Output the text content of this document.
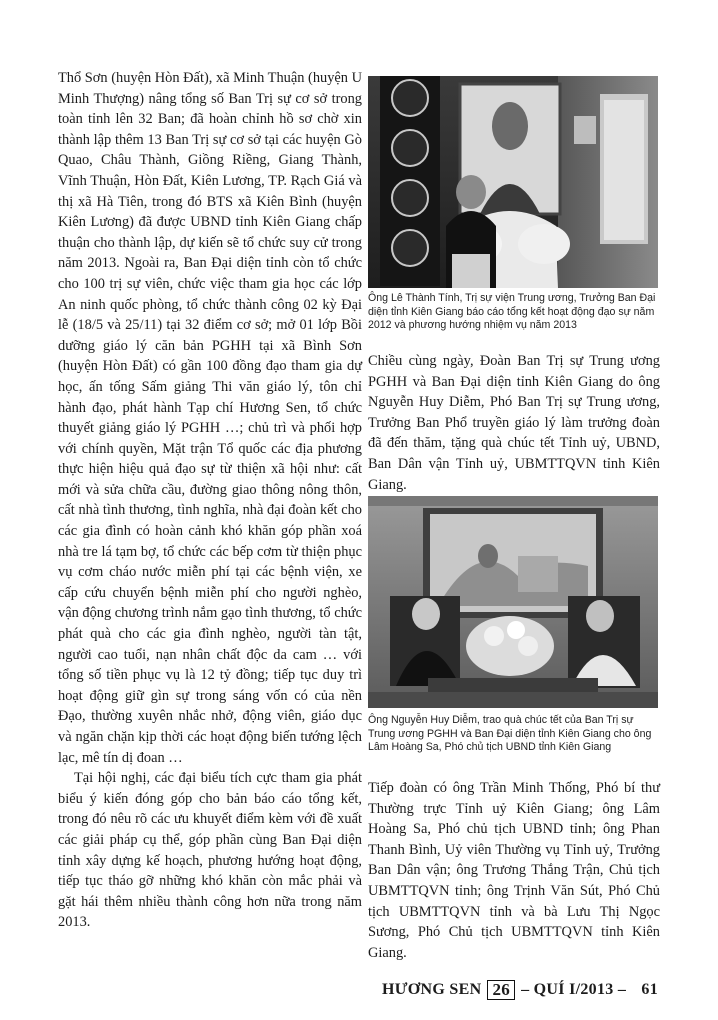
Thổ Sơn (huyện Hòn Đất), xã Minh Thuận (huyện U Minh Thượng) nâng tổng số Ban Trị sự cơ sở trong toàn tỉnh lên 32 Ban; đã hoàn chỉnh hồ sơ chờ xin thành lập thêm 13 Ban Trị sự cơ sở tại các huyện Gò Quao, Châu Thành, Giồng Riềng, Giang Thành, Vĩnh Thuận, Hòn Đất, Kiên Lương, TP. Rạch Giá và thị xã Hà Tiên, trong đó BTS xã Kiên Bình (huyện Kiên Lương) đã được UBND tỉnh Kiên Giang chấp thuận cho thành lập, dự kiến sẽ tổ chức suy cử trong năm 2013. Ngoài ra, Ban Đại diện tỉnh còn tổ chức cho 100 trị sự viên, chức việc tham gia học các lớp An ninh quốc phòng, tổ chức thành công 02 kỳ Đại lễ (18/5 và 25/11) tại 32 điểm cơ sở; mở 01 lớp Bồi dưỡng giáo lý căn bản PGHH tại xã Bình Sơn (huyện Hòn Đất) có gần 100 đồng đạo tham gia dự học, ấn tống Sấm giảng Thi văn giáo lý, tôn chỉ hành đạo, phát hành Tạp chí Hương Sen, tổ chức thuyết giảng giáo lý PGHH …; chủ trì và phối hợp với chính quyền, Mặt trận Tổ quốc các địa phương thực hiện hiệu quả đạo sự từ thiện xã hội như: cất mới và sửa chữa cầu, đường giao thông nông thôn, cất nhà tình thương, tình nghĩa, nhà đại đoàn kết cho các gia đình có hoàn cảnh khó khăn góp phần xoá nhà tre lá tạm bợ, tổ chức các bếp cơm từ thiện phục vụ cơm cháo nước miễn phí tại các bệnh viện, xe cấp cứu chuyển bệnh miễn phí cho người nghèo, vận động chương trình nắm gạo tình thương, tổ chức phát quà cho các gia đình nghèo, người tàn tật, người cao tuổi, nạn nhân chất độc da cam … với tổng số tiền phục vụ là 12 tỷ đồng; tiếp tục duy trì hoạt động giữ gìn sự trong sáng vốn có của nền Đạo, thường xuyên nhắc nhở, động viên, giáo dục và ngăn chặn kịp thời các hoạt động biến tướng lệch lạc, mê tín dị đoan …

Tại hội nghị, các đại biểu tích cực tham gia phát biểu ý kiến đóng góp cho bản báo cáo tổng kết, trong đó nêu rõ các ưu khuyết điểm kèm với đề xuất các giải pháp cụ thể, góp phần cùng Ban Đại diện tỉnh xây dựng kế hoạch, phương hướng hoạt động, tiếp tục tháo gỡ những khó khăn còn mắc phải và gặt hái thêm nhiều thành công hơn nữa trong năm 2013.

Ông Lê Thành Tính, Trị sự viện Trung ương, Trưởng Ban Đại diện tỉnh Kiên Giang báo cáo tổng kết hoạt động đạo sự năm 2012 và phương hướng nhiệm vụ năm 2013

Chiều cùng ngày, Đoàn Ban Trị sự Trung ương PGHH và Ban Đại diện tỉnh Kiên Giang do ông Nguyễn Huy Diễm, Phó Ban Trị sự Trung ương, Trưởng Ban Phổ truyền giáo lý làm trưởng đoàn đã đến thăm, tặng quà chúc tết Tỉnh uỷ, UBND, Ban Dân vận Tỉnh uỷ, UBMTTQVN tỉnh Kiên Giang.

Ông Nguyễn Huy Diễm, trao quà chúc tết của Ban Trị sự Trung ương PGHH và Ban Đại diện tỉnh Kiên Giang cho ông Lâm Hoàng Sa, Phó chủ tịch UBND tỉnh Kiên Giang

Tiếp đoàn có ông Trần Minh Thống, Phó bí thư Thường trực Tỉnh uỷ Kiên Giang; ông Lâm Hoàng Sa, Phó chủ tịch UBND tỉnh; ông Phan Thanh Bình, Uỷ viên Thường vụ Tỉnh uỷ, Trưởng Ban Dân vận; ông Trương Thắng Trận, Chủ tịch UBMTTQVN tỉnh; ông Trịnh Văn Sút, Phó Chủ tịch UBMTTQVN tỉnh và bà Lưu Thị Ngọc Sương, Phó Chủ tịch UBMTTQVN tỉnh Kiên Giang.

HƯƠNG SEN 26 – QUÍ I/2013 – 61
